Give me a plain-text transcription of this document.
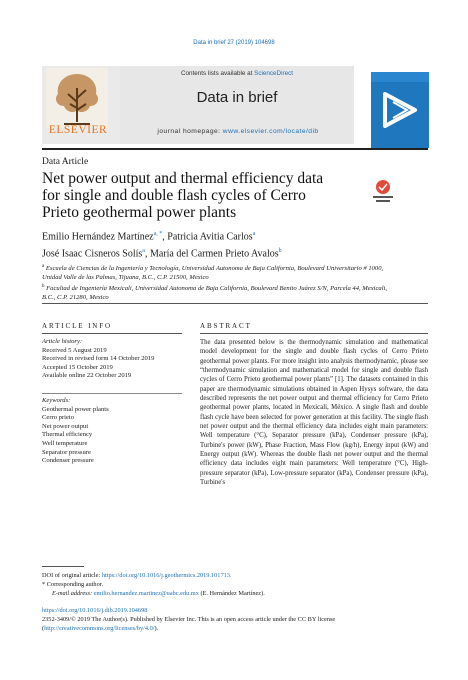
Data in brief 27 (2019) 104698
ELSEVIER
Contents lists available at ScienceDirect
Data in brief
journal homepage: www.elsevier.com/locate/dib
Data Article
Net power output and thermal efficiency data for single and double flash cycles of Cerro Prieto geothermal power plants
Emilio Hernández Martínez$^{a, *}$, Patricia Avitia Carlos$^a$
José Isaac Cisneros Solís$^a$, María del Carmen Prieto Avalos$^b$
$^a$ Escuela de Ciencias de la Ingeniería y Tecnología, Universidad Autonoma de Baja California, Boulevard Universitario # 1000, Unidad Valle de las Palmas, Tijuana, B.C., C.P. 21500, Mexico
$^b$ Facultad de Ingeniería Mexicali, Universidad Autonoma de Baja California, Boulevard Benito Juárez S/N, Parcela 44, Mexicali, B.C., C.P. 21280, Mexico
ARTICLE INFO	ABSTRACT
Article history:
Received 5 August 2019
Received in revised form 14 October 2019
Accepted 15 October 2019
Available online 22 October 2019
Keywords:
Geothermal power plants
Cerro prieto
Net power output
Thermal efficiency
Well temperature
Separator pressure
Condenser pressure
The data presented below is the thermodynamic simulation and mathematical model development for the single and double flash cycles of Cerro Prieto geothermal power plants. For more insight into analysis thermodynamic, please see “thermodynamic simulation and mathematical model for single and double flash cycles of Cerro Prieto geothermal power plants” [1]. The datasets contained in this paper are thermodynamic simulations obtained in Aspen Hysys software, the data described represents the net power output and thermal efficiency for Cerro Prieto geothermal power plants, located in Mexicali, México. A single flash and double flash cycle have been selected for power generation at this facility. The single flash net power output and the thermal efficiency data includes eight main parameters: Well temperature (°C), Separator pressure (kPa), Condenser pressure (kPa), Turbine's power (kW), Phase Fraction, Mass Flow (kg/h), Energy input (kW) and Energy output (kW). Whereas the double flash net power output and the thermal efficiency data includes eight main parameters: Well temperature (°C), High-pressure separator (kPa), Low-pressure separator (kPa), Condenser pressure (kPa), Turbine's
DOI of original article: https://doi.org/10.1016/j.geothermics.2019.101713.
* Corresponding author.
E-mail address: emilio.hernandez.martinez@uabc.edu.mx (E. Hernández Martínez).
https://doi.org/10.1016/j.dib.2019.104698
2352-3409/© 2019 The Author(s). Published by Elsevier Inc. This is an open access article under the CC BY license (http://creativecommons.org/licenses/by/4.0/).
